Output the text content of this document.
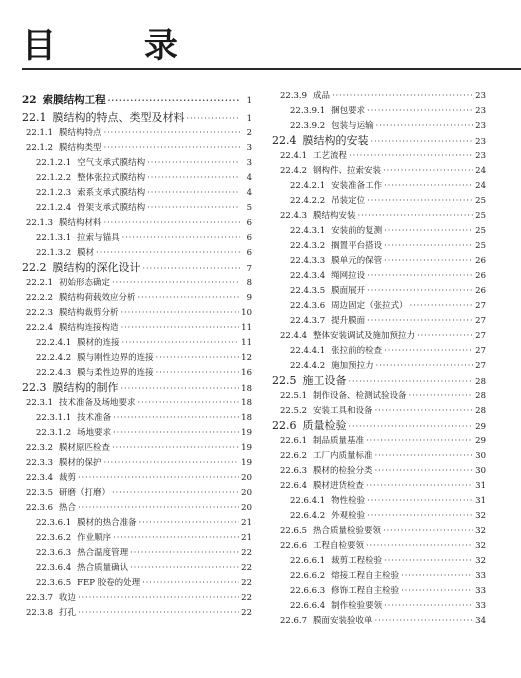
目 录
22 索膜结构工程 ·····	1
22.1 膜结构的特点、类型及材料 ·····	1
22.1.1 膜结构特点 ·····	2
22.1.2 膜结构类型 ·····	3
22.1.2.1 空气支承式膜结构 ·····	3
22.1.2.2 整体张拉式膜结构 ·····	4
22.1.2.3 索系支承式膜结构 ·····	4
22.1.2.4 骨架支承式膜结构 ·····	5
22.1.3 膜结构材料 ·····	6
22.1.3.1 拉索与锚具 ·····	6
22.1.3.2 膜材 ·····	6
22.2 膜结构的深化设计 ·····	7
22.2.1 初始形态确定 ·····	8
22.2.2 膜结构荷载效应分析 ·····	9
22.2.3 膜结构裁剪分析 ·····	10
22.2.4 膜结构连接构造 ·····	11
22.2.4.1 膜材的连接 ·····	11
22.2.4.2 膜与刚性边界的连接 ·····	12
22.2.4.3 膜与柔性边界的连接 ·····	16
22.3 膜结构的制作 ·····	18
22.3.1 技术准备及场地要求 ·····	18
22.3.1.1 技术准备 ·····	18
22.3.1.2 场地要求 ·····	19
22.3.2 膜材原匹检查 ·····	19
22.3.3 膜材的保护 ·····	19
22.3.4 裁剪 ·····	20
22.3.5 研磨（打磨） ·····	20
22.3.6 热合 ·····	20
22.3.6.1 膜材的热合准备 ·····	21
22.3.6.2 作业顺序 ·····	21
22.3.6.3 热合温度管理 ·····	22
22.3.6.4 热合质量确认 ·····	22
22.3.6.5 FEP 胶卷的处理 ·····	22
22.3.7 收边 ·····	22
22.3.8 打孔 ·····	22
22.3.9 成品 ·····	23
22.3.9.1 捆包要求 ·····	23
22.3.9.2 包装与运输 ·····	23
22.4 膜结构的安装 ·····	23
22.4.1 工艺流程 ·····	23
22.4.2 钢构件、拉索安装 ·····	24
22.4.2.1 安装准备工作 ·····	24
22.4.2.2 吊装定位 ·····	25
22.4.3 膜结构安装 ·····	25
22.4.3.1 安装前的复测 ·····	25
22.4.3.2 搁置平台搭设 ·····	25
22.4.3.3 膜单元的保管 ·····	26
22.4.3.4 绳网拉设 ·····	26
22.4.3.5 膜面展开 ·····	26
22.4.3.6 周边固定（张拉式） ·····	27
22.4.3.7 提升膜面 ·····	27
22.4.4 整体安装调试及施加预拉力 ·····	27
22.4.4.1 张拉前的检查 ·····	27
22.4.4.2 施加预拉力 ·····	27
22.5 施工设备 ·····	28
22.5.1 制作设备、检测试验设备 ·····	28
22.5.2 安装工具和设备 ·····	28
22.6 质量检验 ·····	29
22.6.1 制品质量基准 ·····	29
22.6.2 工厂内质量标准 ·····	30
22.6.3 膜材的检验分类 ·····	30
22.6.4 膜材进货检查 ·····	31
22.6.4.1 物性检验 ·····	31
22.6.4.2 外观检验 ·····	32
22.6.5 热合质量检验要领 ·····	32
22.6.6 工程自检要领 ·····	32
22.6.6.1 裁剪工程检验 ·····	32
22.6.6.2 熔接工程自主检验 ·····	33
22.6.6.3 修饰工程自主检验 ·····	33
22.6.6.4 制作检验要领 ·····	33
22.6.7 膜面安装验收单 ·····	34
